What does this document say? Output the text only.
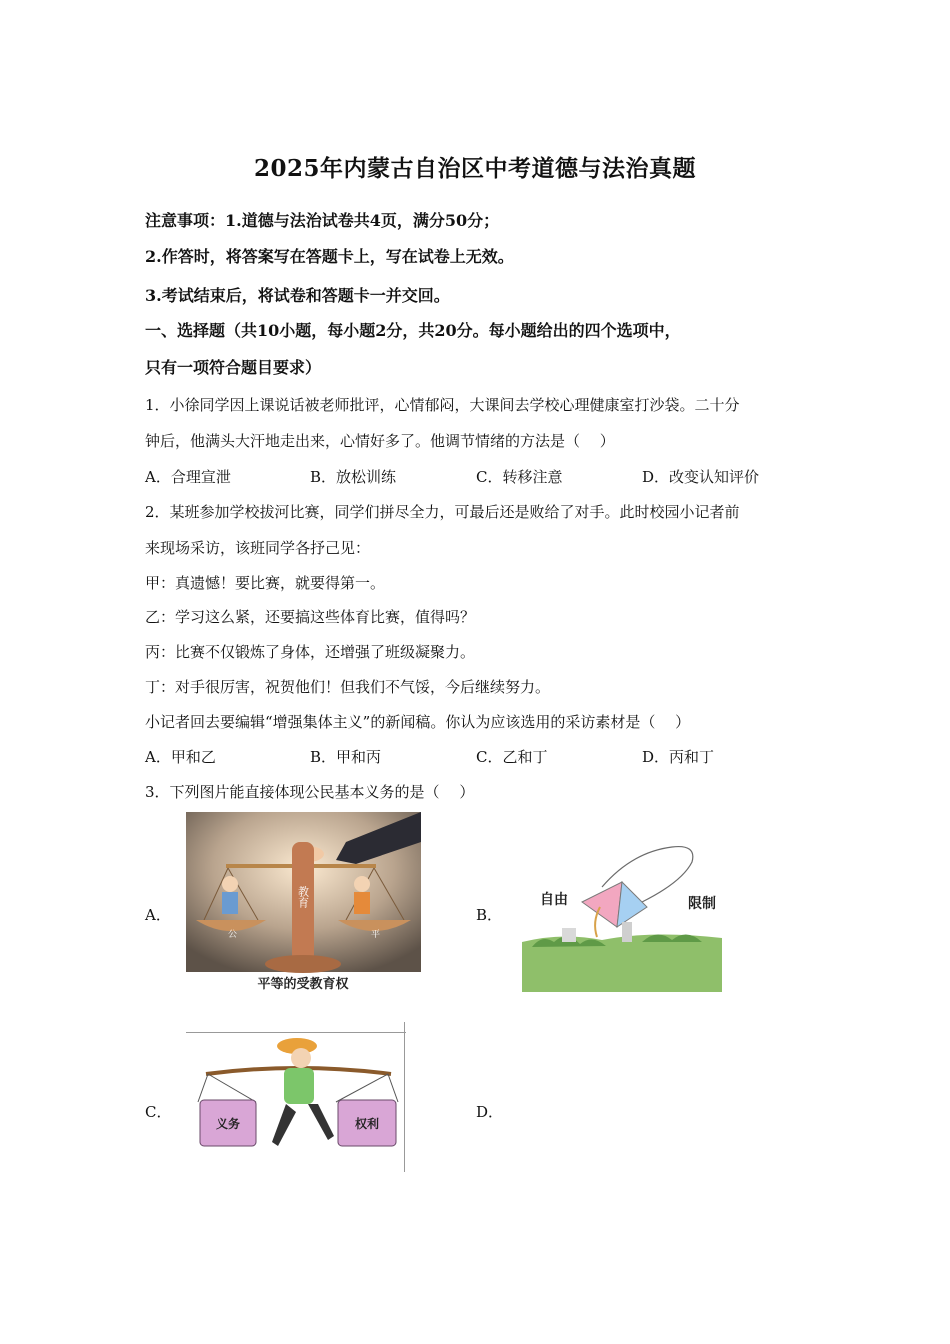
2025年内蒙古自治区中考道德与法治真题
注意事项：1.道德与法治试卷共4页，满分50分；
2.作答时，将答案写在答题卡上，写在试卷上无效。
3.考试结束后，将试卷和答题卡一并交回。
一、选择题（共10小题，每小题2分，共20分。每小题给出的四个选项中，
只有一项符合题目要求）
1．小徐同学因上课说话被老师批评，心情郁闷，大课间去学校心理健康室打沙袋。二十分
钟后，他满头大汗地走出来，心情好多了。他调节情绪的方法是（　 ）
A．合理宣泄	B．放松训练	C．转移注意	D．改变认知评价
2．某班参加学校拔河比赛，同学们拼尽全力，可最后还是败给了对手。此时校园小记者前
来现场采访，该班同学各抒己见：
甲：真遗憾！要比赛，就要得第一。
乙：学习这么紧，还要搞这些体育比赛，值得吗？
丙：比赛不仅锻炼了身体，还增强了班级凝聚力。
丁：对手很厉害，祝贺他们！但我们不气馁，今后继续努力。
小记者回去要编辑“增强集体主义”的新闻稿。你认为应该选用的采访素材是（　 ）
A．甲和乙	B．甲和丙	C．乙和丁	D．丙和丁
3．下列图片能直接体现公民基本义务的是（　 ）
A．	B．
C．	D．
教育
公	平
平等的受教育权
自由	限制
义务	权利
